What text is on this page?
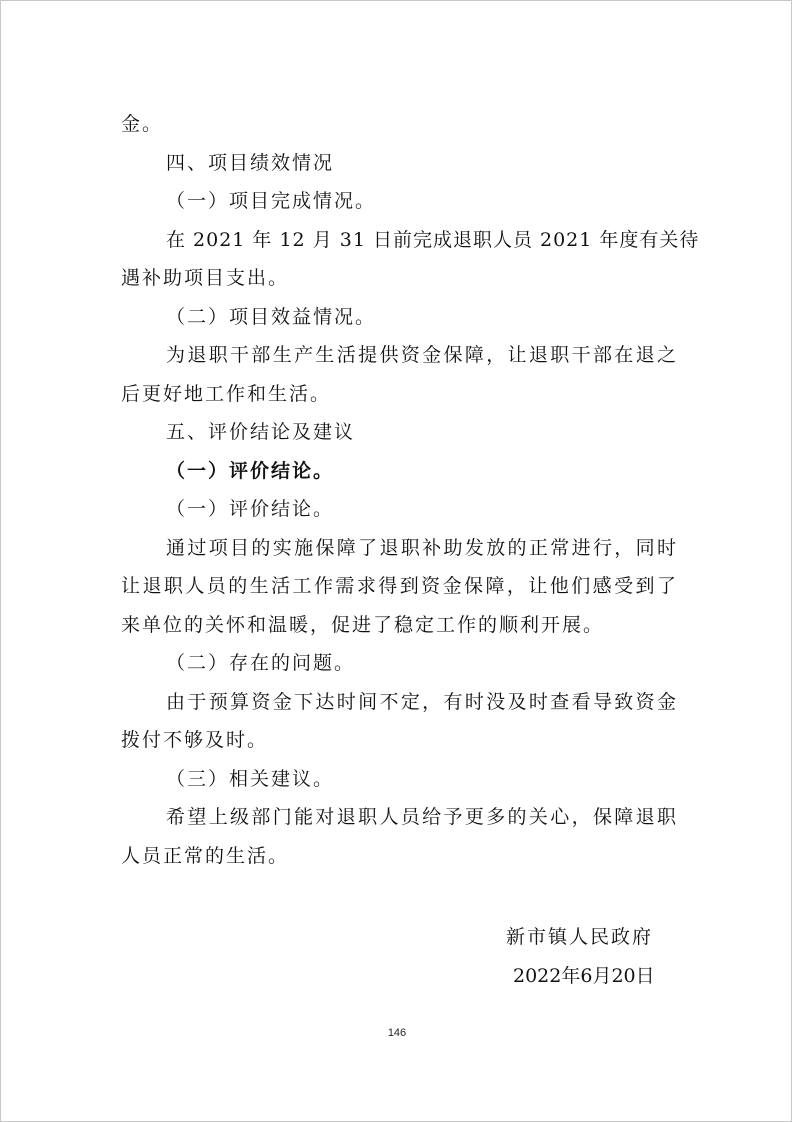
金。
四、项目绩效情况
（一）项目完成情况。
在 2021 年 12 月 31 日前完成退职人员 2021 年度有关待
遇补助项目支出。
（二）项目效益情况。
为退职干部生产生活提供资金保障，让退职干部在退之
后更好地工作和生活。
五、评价结论及建议
（一）评价结论。
（一）评价结论。
通过项目的实施保障了退职补助发放的正常进行，同时
让退职人员的生活工作需求得到资金保障，让他们感受到了
来单位的关怀和温暖，促进了稳定工作的顺利开展。
（二）存在的问题。
由于预算资金下达时间不定，有时没及时查看导致资金
拨付不够及时。
（三）相关建议。
希望上级部门能对退职人员给予更多的关心，保障退职
人员正常的生活。
新市镇人民政府
2022年6月20日
146
